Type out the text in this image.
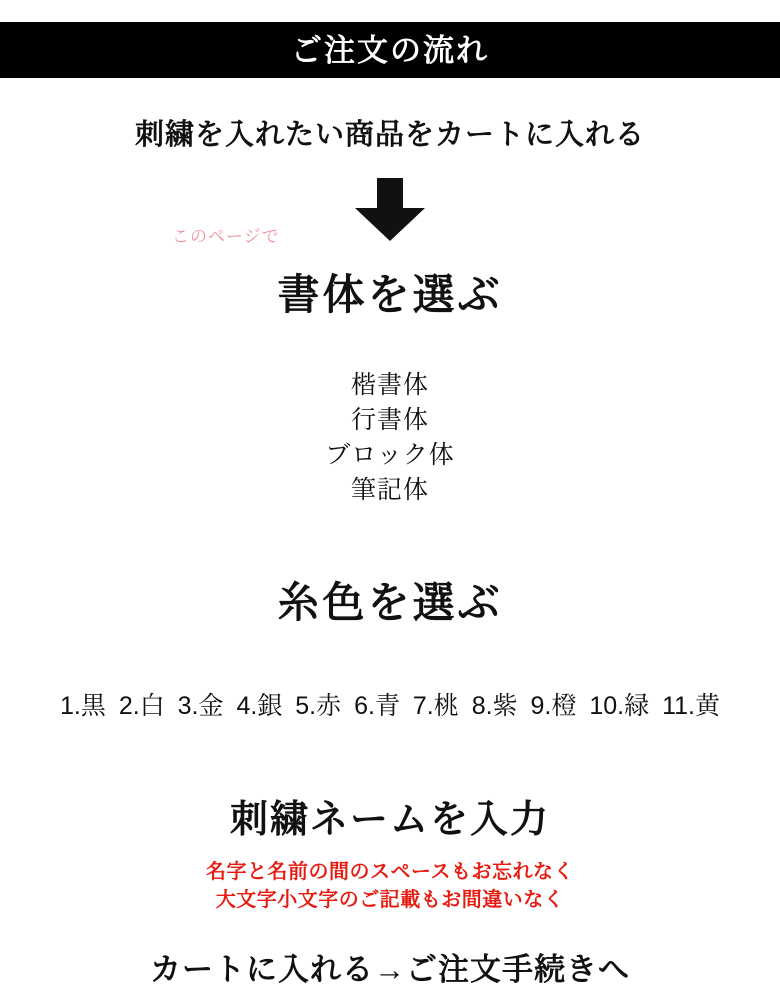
ご注文の流れ
刺繍を入れたい商品をカートに入れる
このページで
書体を選ぶ
楷書体
行書体
ブロック体
筆記体
糸色を選ぶ
1.黒 2.白 3.金 4.銀 5.赤 6.青 7.桃 8.紫 9.橙 10.緑 11.黄
刺繍ネームを入力
名字と名前の間のスペースもお忘れなく
大文字小文字のご記載もお間違いなく
カートに入れる→ご注文手続きへ
